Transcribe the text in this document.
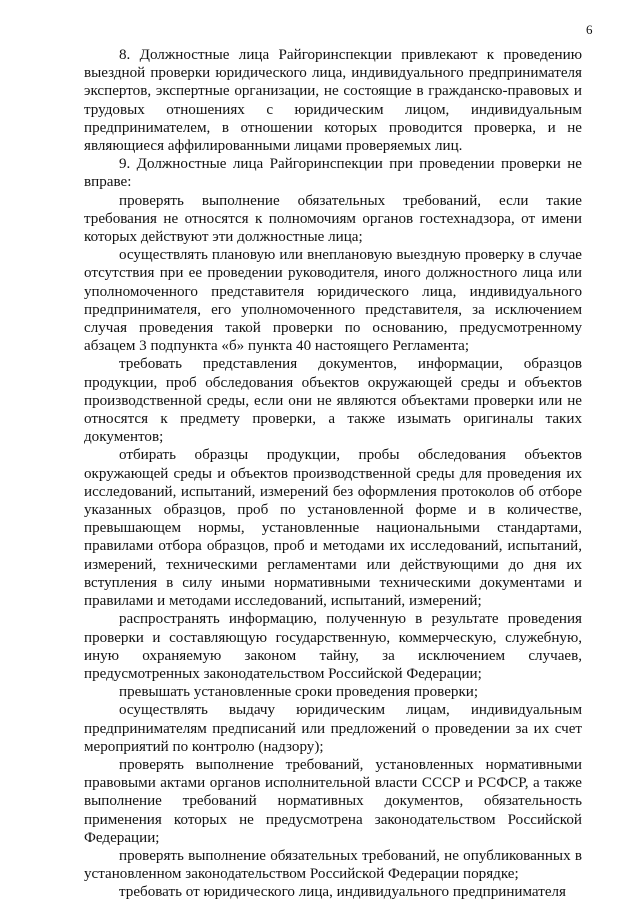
6

8. Должностные лица Райгоринспекции привлекают к проведению выездной проверки юридического лица, индивидуального предпринимателя экспертов, экспертные организации, не состоящие в гражданско-правовых и трудовых отношениях с юридическим лицом, индивидуальным предпринимателем, в отношении которых проводится проверка, и не являющиеся аффилированными лицами проверяемых лиц.

9. Должностные лица Райгоринспекции при проведении проверки не вправе:

проверять выполнение обязательных требований, если такие требования не относятся к полномочиям органов гостехнадзора, от имени которых действуют эти должностные лица;

осуществлять плановую или внеплановую выездную проверку в случае отсутствия при ее проведении руководителя, иного должностного лица или уполномоченного представителя юридического лица, индивидуального предпринимателя, его уполномоченного представителя, за исключением случая проведения такой проверки по основанию, предусмотренному абзацем 3 подпункта «б» пункта 40 настоящего Регламента;

требовать представления документов, информации, образцов продукции, проб обследования объектов окружающей среды и объектов производственной среды, если они не являются объектами проверки или не относятся к предмету проверки, а также изымать оригиналы таких документов;

отбирать образцы продукции, пробы обследования объектов окружающей среды и объектов производственной среды для проведения их исследований, испытаний, измерений без оформления протоколов об отборе указанных образцов, проб по установленной форме и в количестве, превышающем нормы, установленные национальными стандартами, правилами отбора образцов, проб и методами их исследований, испытаний, измерений, техническими регламентами или действующими до дня их вступления в силу иными нормативными техническими документами и правилами и методами исследований, испытаний, измерений;

распространять информацию, полученную в результате проведения проверки и составляющую государственную, коммерческую, служебную, иную охраняемую законом тайну, за исключением случаев, предусмотренных законодательством Российской Федерации;

превышать установленные сроки проведения проверки;

осуществлять выдачу юридическим лицам, индивидуальным предпринимателям предписаний или предложений о проведении за их счет мероприятий по контролю (надзору);

проверять выполнение требований, установленных нормативными правовыми актами органов исполнительной власти СССР и РСФСР, а также выполнение требований нормативных документов, обязательность применения которых не предусмотрена законодательством Российской Федерации;

проверять выполнение обязательных требований, не опубликованных в установленном законодательством Российской Федерации порядке;

требовать от юридического лица, индивидуального предпринимателя
